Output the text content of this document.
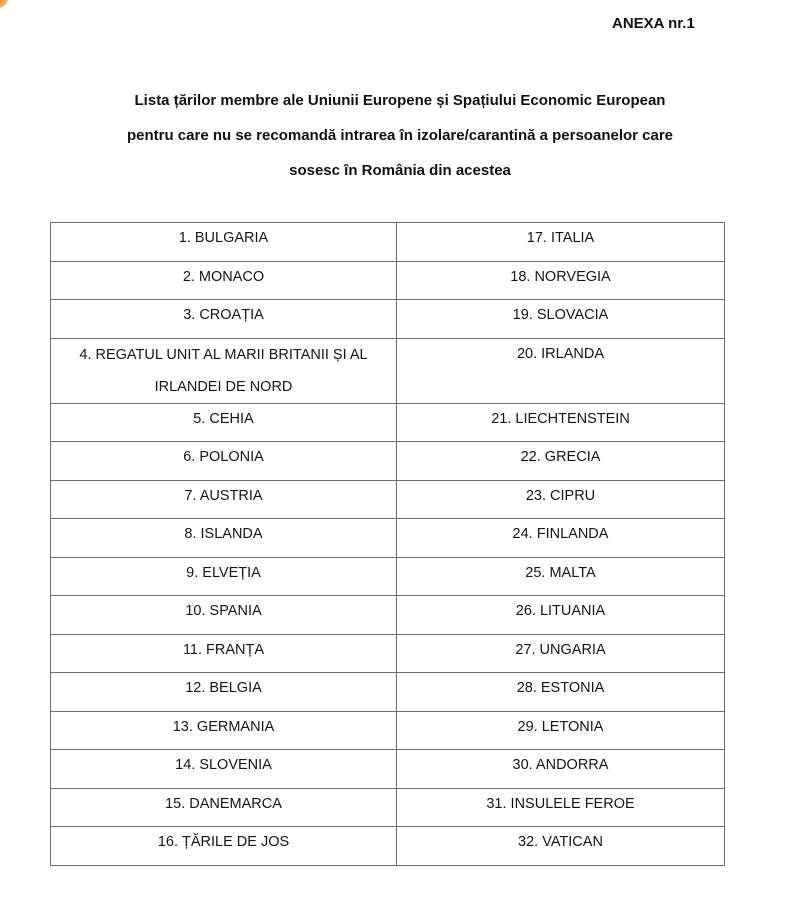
ANEXA nr.1
Lista țărilor membre ale Uniunii Europene și Spațiului Economic European
pentru care nu se recomandă intrarea în izolare/carantină a persoanelor care
sosesc în România din acestea
1. BULGARIA	17. ITALIA
2. MONACO	18. NORVEGIA
3. CROAȚIA	19. SLOVACIA
4. REGATUL UNIT AL MARII BRITANII ȘI AL IRLANDEI DE NORD	20. IRLANDA
5. CEHIA	21. LIECHTENSTEIN
6. POLONIA	22. GRECIA
7. AUSTRIA	23. CIPRU
8. ISLANDA	24. FINLANDA
9. ELVEȚIA	25. MALTA
10. SPANIA	26. LITUANIA
11. FRANȚA	27. UNGARIA
12. BELGIA	28. ESTONIA
13. GERMANIA	29. LETONIA
14. SLOVENIA	30. ANDORRA
15. DANEMARCA	31. INSULELE FEROE
16. ȚĂRILE DE JOS	32. VATICAN
